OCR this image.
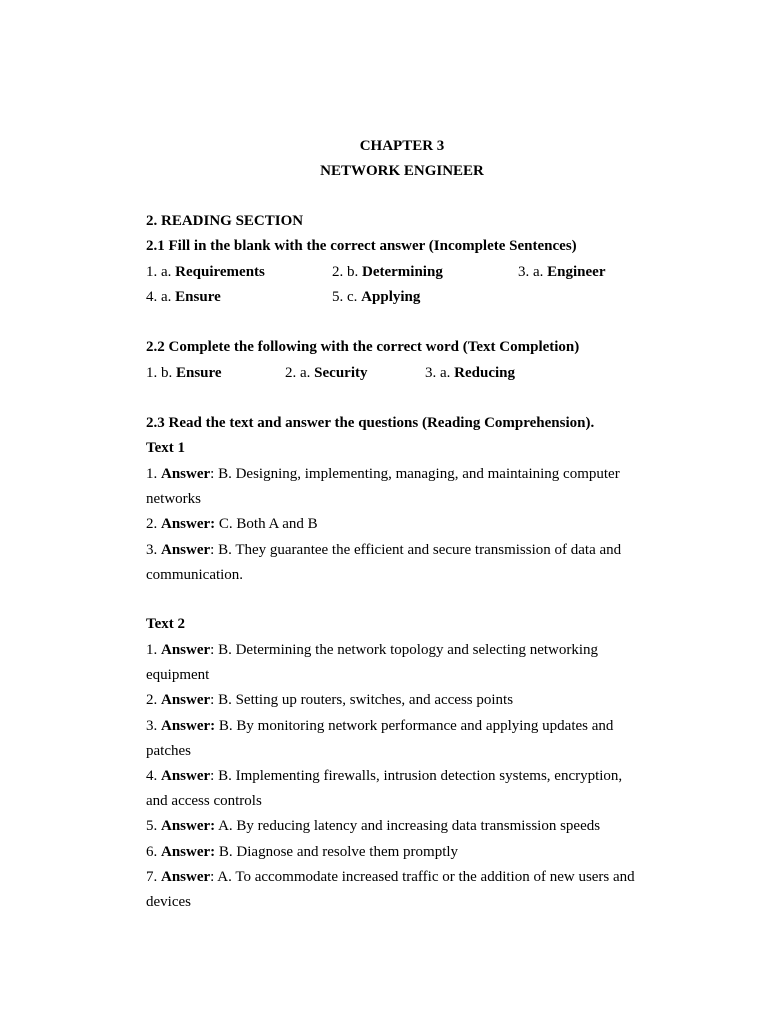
CHAPTER 3
NETWORK ENGINEER
2. READING SECTION
2.1 Fill in the blank with the correct answer (Incomplete Sentences)
1. a. Requirements	2. b. Determining	3. a. Engineer
4. a. Ensure	5. c. Applying
2.2 Complete the following with the correct word (Text Completion)
1. b. Ensure	2. a. Security	3. a. Reducing
2.3 Read the text and answer the questions (Reading Comprehension).
Text 1
1. Answer: B. Designing, implementing, managing, and maintaining computer
networks
2. Answer: C. Both A and B
3. Answer: B. They guarantee the efficient and secure transmission of data and
communication.
Text 2
1. Answer: B. Determining the network topology and selecting networking
equipment
2. Answer: B. Setting up routers, switches, and access points
3. Answer: B. By monitoring network performance and applying updates and
patches
4. Answer: B. Implementing firewalls, intrusion detection systems, encryption,
and access controls
5. Answer: A. By reducing latency and increasing data transmission speeds
6. Answer: B. Diagnose and resolve them promptly
7. Answer: A. To accommodate increased traffic or the addition of new users and
devices
